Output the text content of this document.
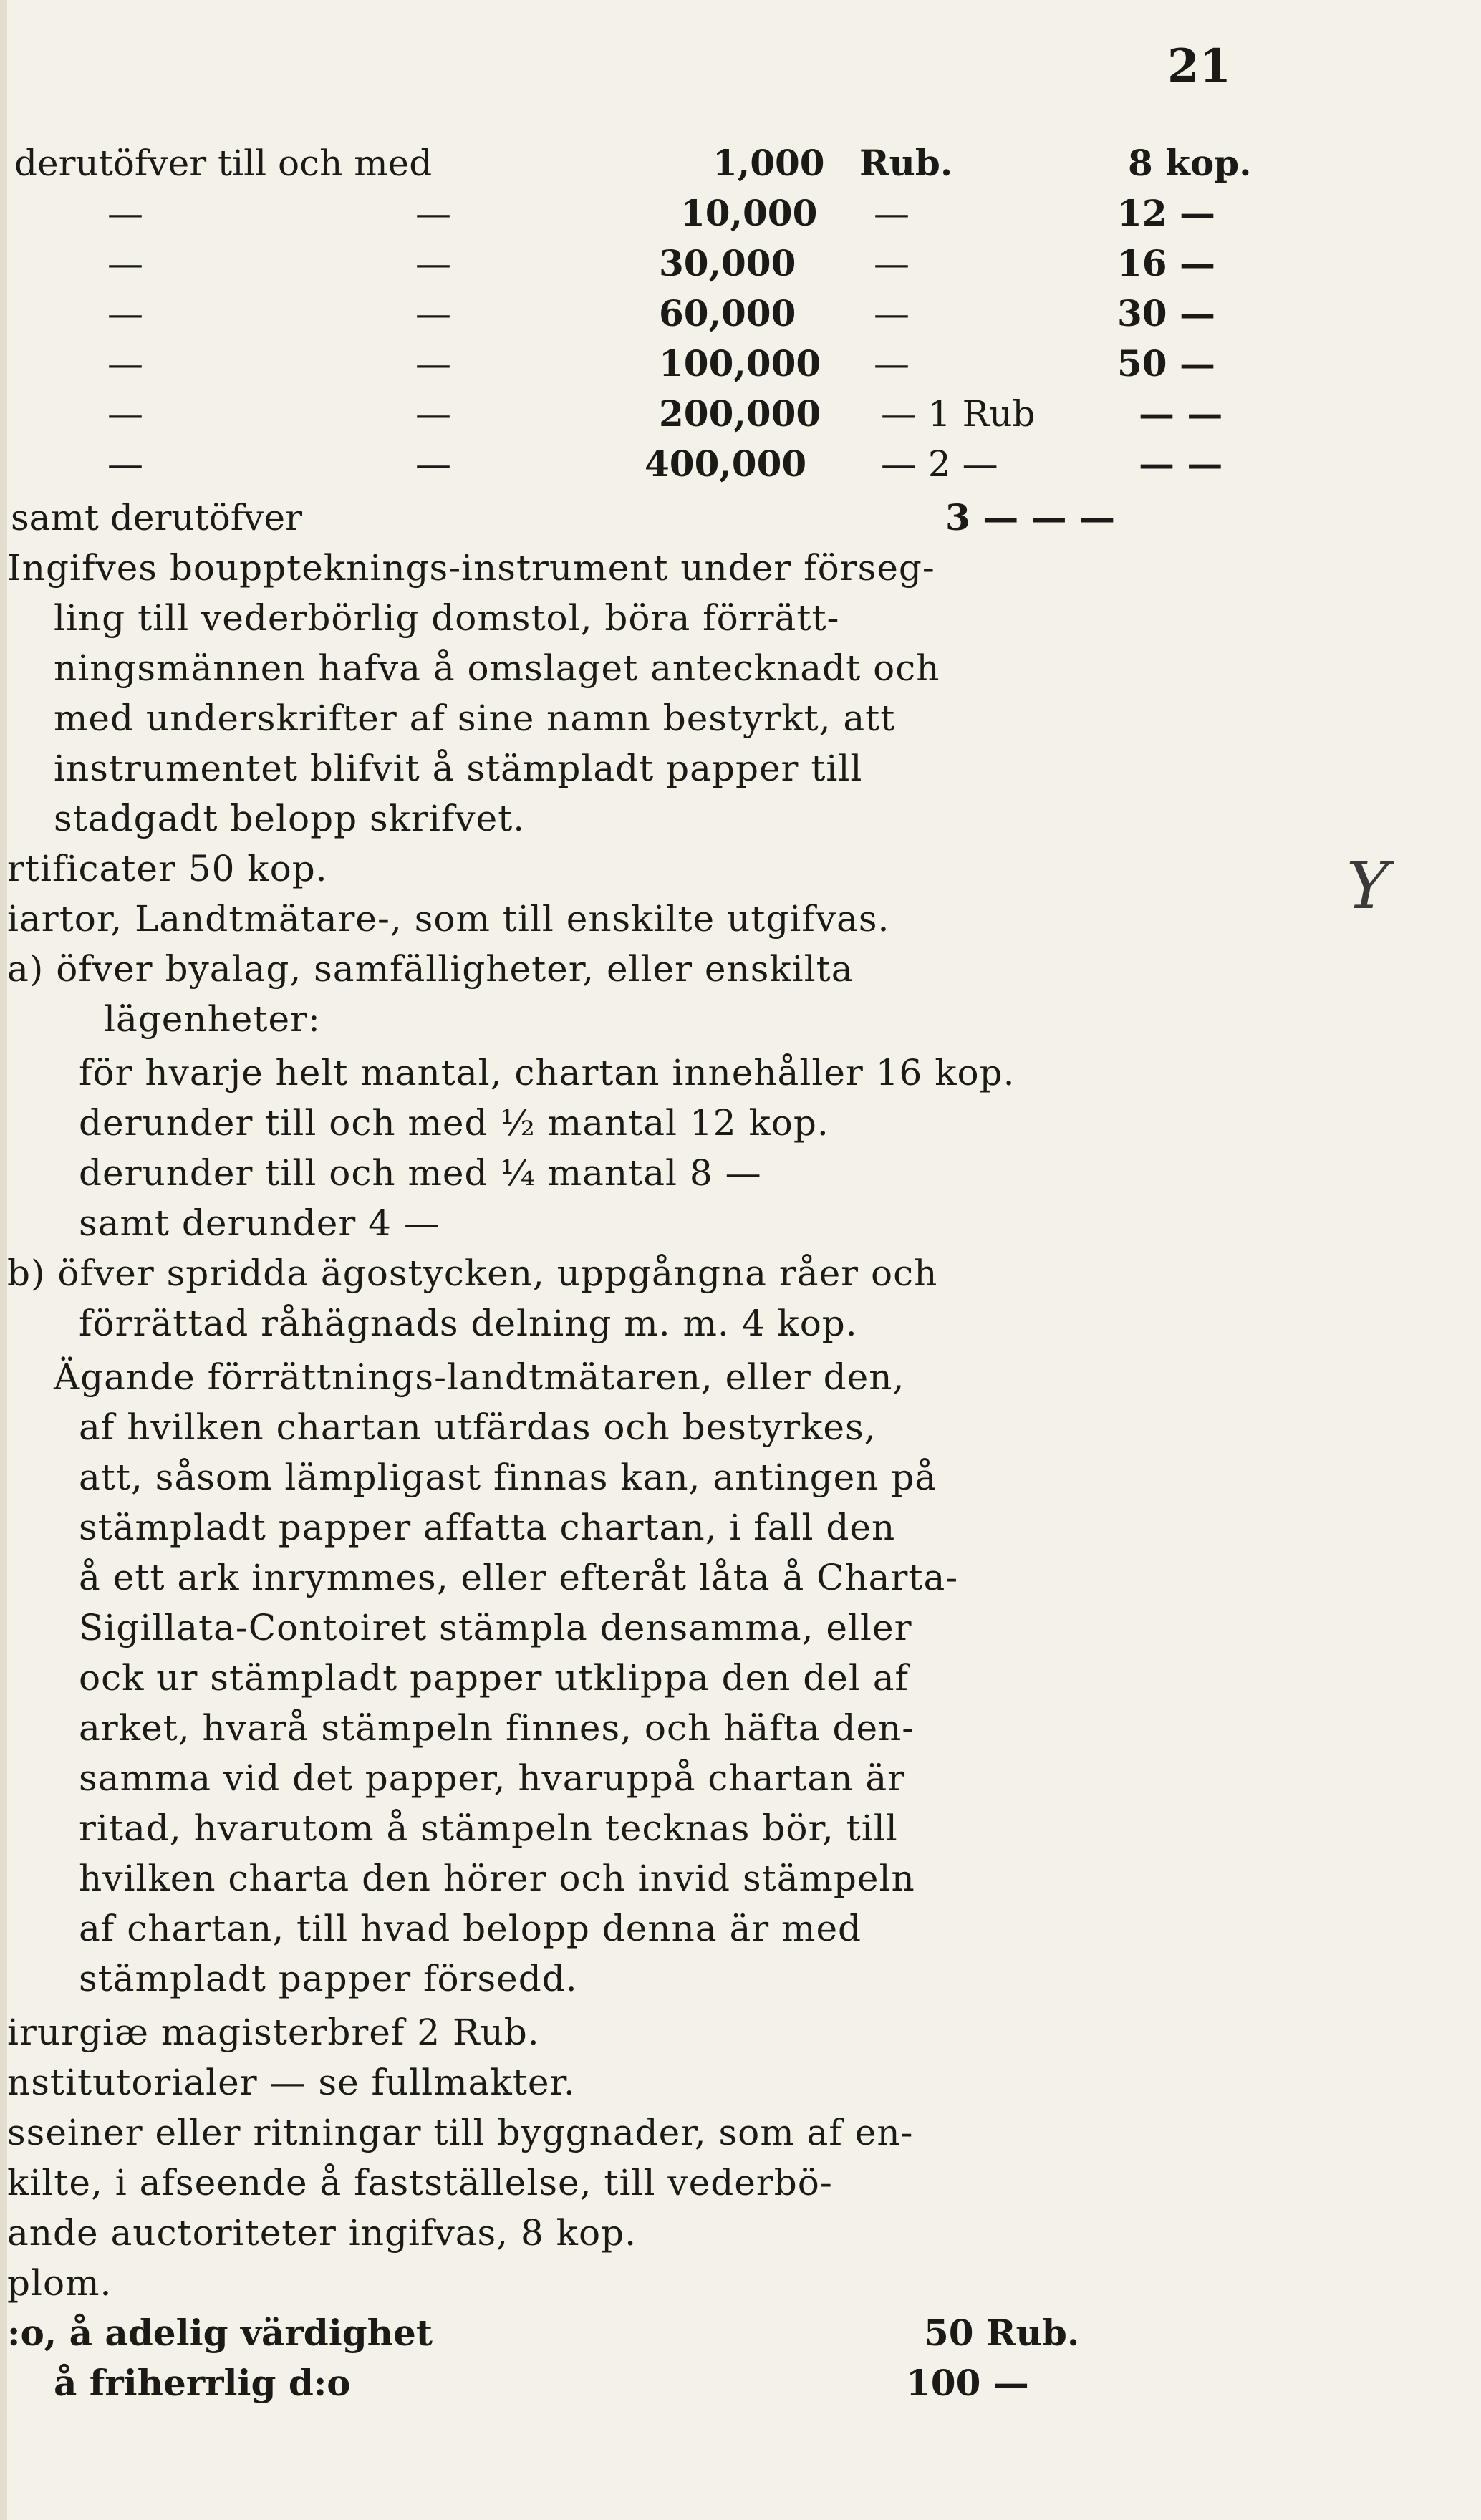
21
Y
derutöfver till och med	1,000 Rub.	8 kop.
—	—	10,000 —	12 —
—	—	30,000 —	16 —
—	—	60,000 —	30 —
—	—	100,000 —	50 —
—	—	200,000 — 1 Rub	— —
—	—	400,000 — 2 —	— —
samt derutöfver	3 — — —
Ingifves bouppteknings-instrument under förseg-
ling till vederbörlig domstol, böra förrätt-
ningsmännen hafva å omslaget antecknadt och
med underskrifter af sine namn bestyrkt, att
instrumentet blifvit å stämpladt papper till
stadgadt belopp skrifvet.
rtificater 50 kop.
iartor, Landtmätare-, som till enskilte utgifvas.
a) öfver byalag, samfälligheter, eller enskilta
lägenheter:
för hvarje helt mantal, chartan innehåller 16 kop.
derunder till och med ½ mantal 12 kop.
derunder till och med ¼ mantal 8 —
samt derunder 4 —
b) öfver spridda ägostycken, uppgångna råer och
förrättad råhägnads delning m. m. 4 kop.
Ägande förrättnings-landtmätaren, eller den,
af hvilken chartan utfärdas och bestyrkes,
att, såsom lämpligast finnas kan, antingen på
stämpladt papper affatta chartan, i fall den
å ett ark inrymmes, eller efteråt låta å Charta-
Sigillata-Contoiret stämpla densamma, eller
ock ur stämpladt papper utklippa den del af
arket, hvarå stämpeln finnes, och häfta den-
samma vid det papper, hvaruppå chartan är
ritad, hvarutom å stämpeln tecknas bör, till
hvilken charta den hörer och invid stämpeln
af chartan, till hvad belopp denna är med
stämpladt papper försedd.
irurgiæ magisterbref 2 Rub.
nstitutorialer — se fullmakter.
sseiner eller ritningar till byggnader, som af en-
kilte, i afseende å fastställelse, till vederbö-
ande auctoriteter ingifvas, 8 kop.
plom.
:o, å adelig värdighet	50 Rub.
å friherrlig d:o	100 —
